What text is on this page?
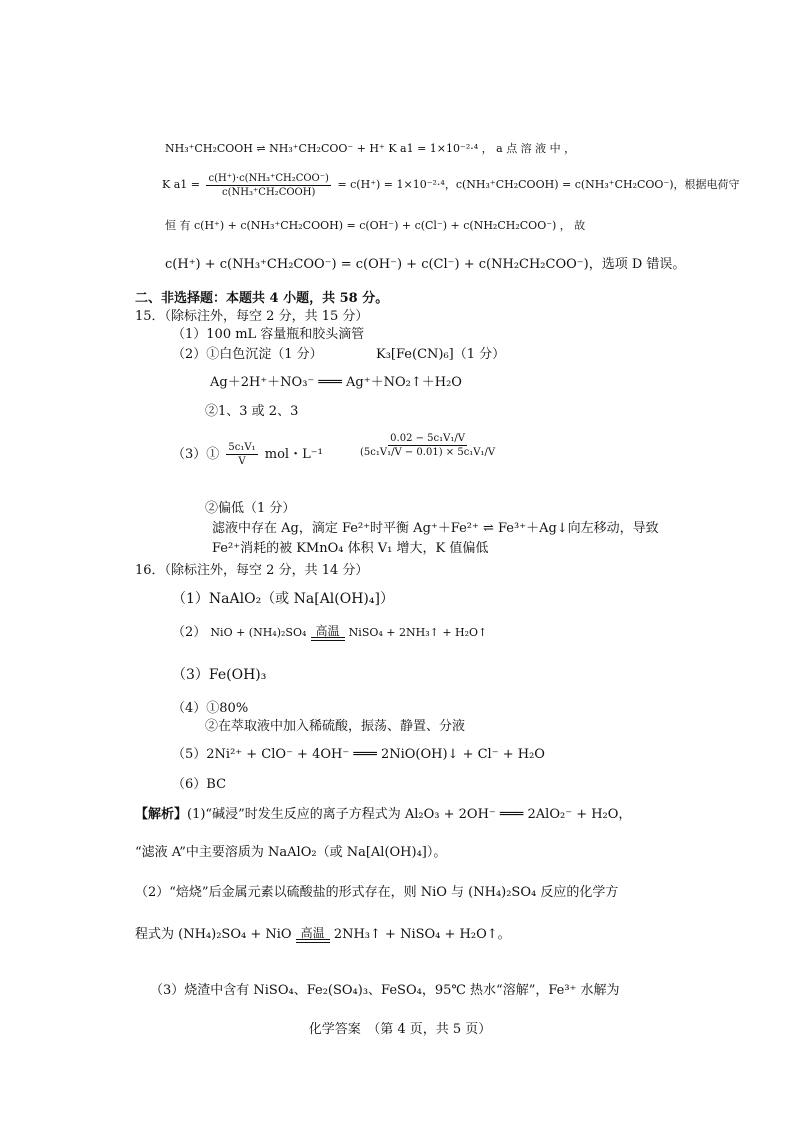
NH₃⁺CH₂COOH ⇌ NH₃⁺CH₂COO⁻ + H⁺ K a1 = 1×10⁻²·⁴ ， a 点 溶 液 中 ，
K $a1 = \frac{\text{c(H⁺)·c(NH₃⁺CH₂COO⁻)}}{\text{c(NH₃⁺CH₂COOH)}} = c(H^+) = 1\times 10^{-2}\cdot^4$，c(NH₃⁺CH₂COOH) = c(NH₃⁺CH₂COO⁻)，根据电荷守
恒 有 c(H⁺) + c(NH₃⁺CH₂COOH) = c(OH⁻) + c(Cl⁻) + c(NH₂CH₂COO⁻) ， 故
c(H⁺) + c(NH₃⁺CH₂COO⁻) = c(OH⁻) + c(Cl⁻) + c(NH₂CH₂COO⁻)，选项 D 错误。
二、非选择题：本题共 4 小题，共 58 分。
15．（除标注外，每空 2 分，共 15 分）
（1）100 mL 容量瓶和胶头滴管
（2）①白色沉淀（1 分）	K₃[Fe(CN)₆]（1 分）
Ag＋2H⁺＋NO₃⁻ ═══ Ag⁺＋NO₂↑＋H₂O
②1、3 或 2、3
（3）① $\frac{\text{5c₁V₁}}{V}$ mol・L⁻¹	$\frac{\text{0.02 − 5c₁V₁/V}}{\text{(5c₁V₁/V − 0.01) × 5c₁V₁/V}}$
②偏低（1 分）
滤液中存在 Ag，滴定 Fe²⁺时平衡 Ag⁺＋Fe²⁺ ⇌ Fe³⁺＋Ag↓向左移动，导致
Fe²⁺消耗的被 KMnO₄ 体积 V₁ 增大，K 值偏低
16．（除标注外，每空 2 分，共 14 分）
（1）NaAlO₂（或 Na[Al(OH)₄]）
（2） NiO + (NH₄)₂SO₄ 高温 NiSO₄ + 2NH₃↑ + H₂O↑
（3）Fe(OH)₃
（4）①80%
②在萃取液中加入稀硫酸，振荡、静置、分液
（5）2Ni²⁺ + ClO⁻ + 4OH⁻ ═══ 2NiO(OH)↓ + Cl⁻ + H₂O
（6）BC
【解析】(1)“碱浸”时发生反应的离子方程式为 Al₂O₃ + 2OH⁻ ═══ 2AlO₂⁻ + H₂O，
“滤液 A”中主要溶质为 NaAlO₂（或 Na[Al(OH)₄]）。
（2）“焙烧”后金属元素以硫酸盐的形式存在，则 NiO 与 (NH₄)₂SO₄ 反应的化学方
程式为 (NH₄)₂SO₄ + NiO 高温 2NH₃↑ + NiSO₄ + H₂O↑。
（3）烧渣中含有 NiSO₄、Fe₂(SO₄)₃、FeSO₄，95℃ 热水“溶解”，Fe³⁺ 水解为
化学答案　（第 4 页，共 5 页）
